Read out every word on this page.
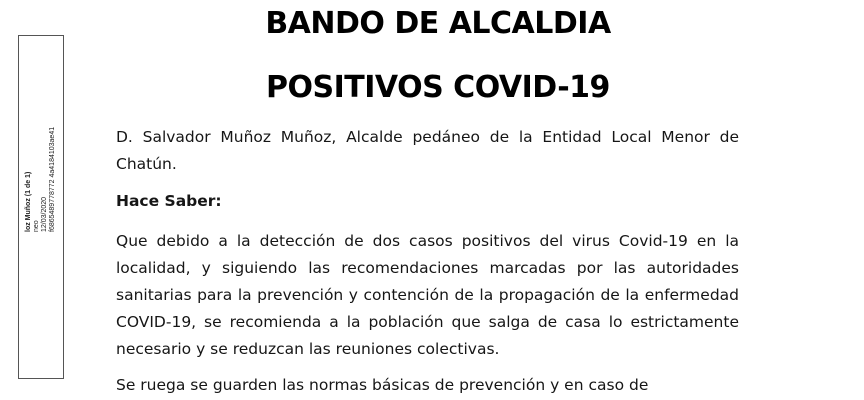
loz Muñoz (1 de 1) neo 12/03/2020 f6865489778772 4a4184103ae41
BANDO DE ALCALDIA
POSITIVOS COVID-19

D. Salvador Muñoz Muñoz, Alcalde pedáneo de la Entidad Local Menor de Chatún.

Hace Saber:

Que debido a la detección de dos casos positivos del virus Covid-19 en la localidad, y siguiendo las recomendaciones marcadas por las autoridades sanitarias para la prevención y contención de la propagación de la enfermedad COVID-19, se recomienda a la población que salga de casa lo estrictamente necesario y se reduzcan las reuniones colectivas.

Se ruega se guarden las normas básicas de prevención y en caso de
